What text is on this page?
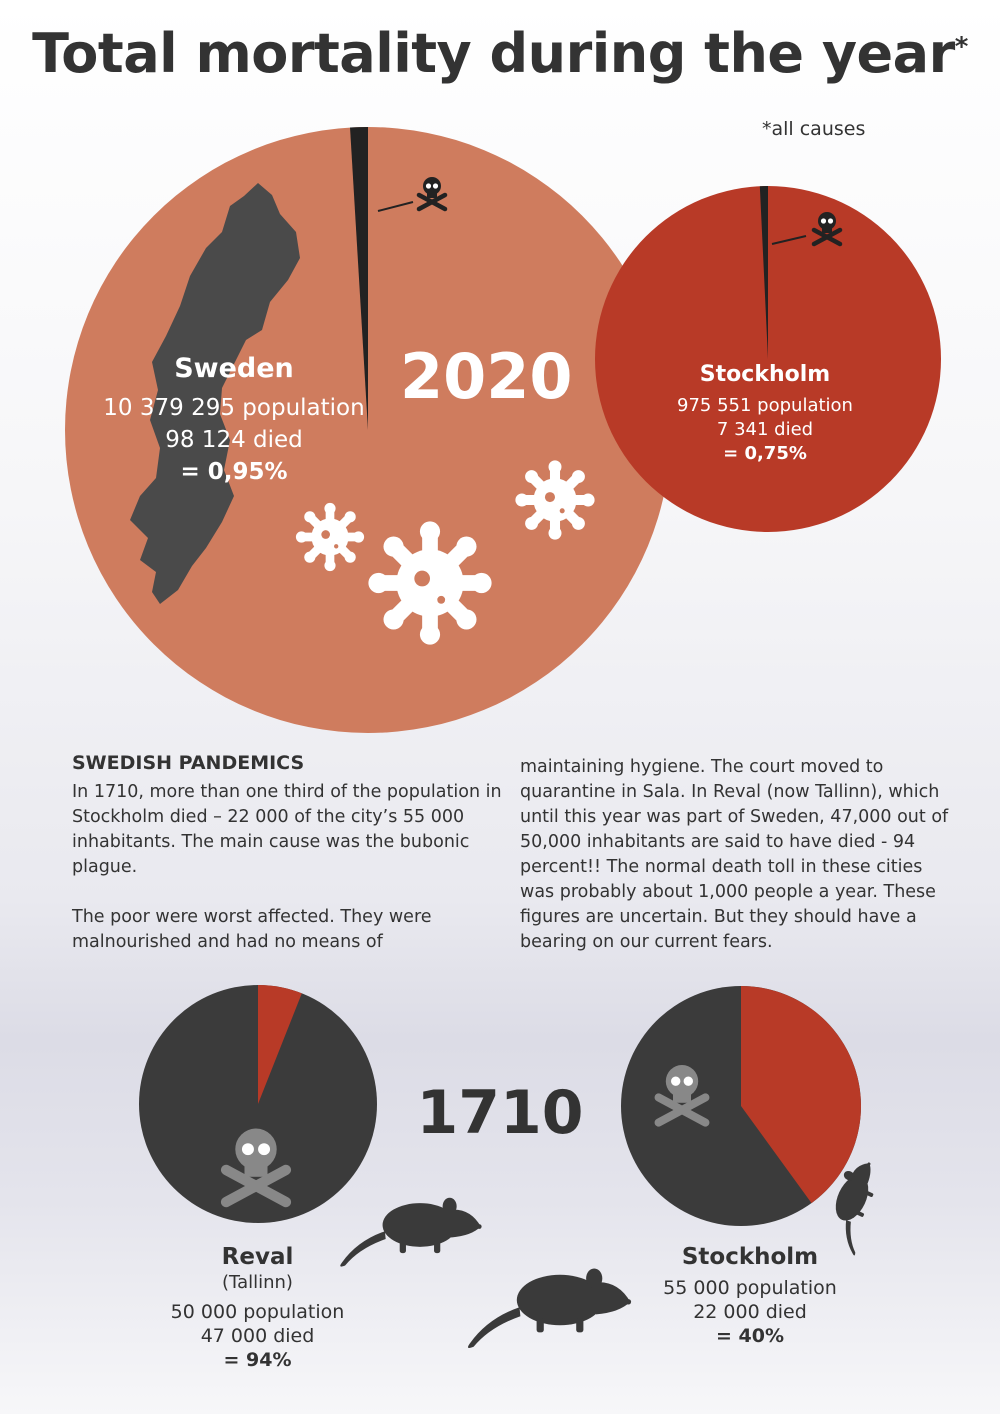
Total mortality during the year*
*all causes
2020
Sweden
10 379 295 population
98 124 died
= 0,95%
Stockholm
975 551 population
7 341 died
= 0,75%
SWEDISH PANDEMICS

In 1710, more than one third of the population in Stockholm died – 22 000 of the city’s 55 000 inhabitants. The main cause was the bubonic plague.

The poor were worst affected. They were malnourished and had no means of

maintaining hygiene. The court moved to quarantine in Sala. In Reval (now Tallinn), which until this year was part of Sweden, 47,000 out of 50,000 inhabitants are said to have died - 94 percent!! The normal death toll in these cities was probably about 1,000 people a year. These figures are uncertain. But they should have a bearing on our current fears.

1710
Reval
(Tallinn)
50 000 population
47 000 died
= 94%
Stockholm
55 000 population
22 000 died
= 40%
